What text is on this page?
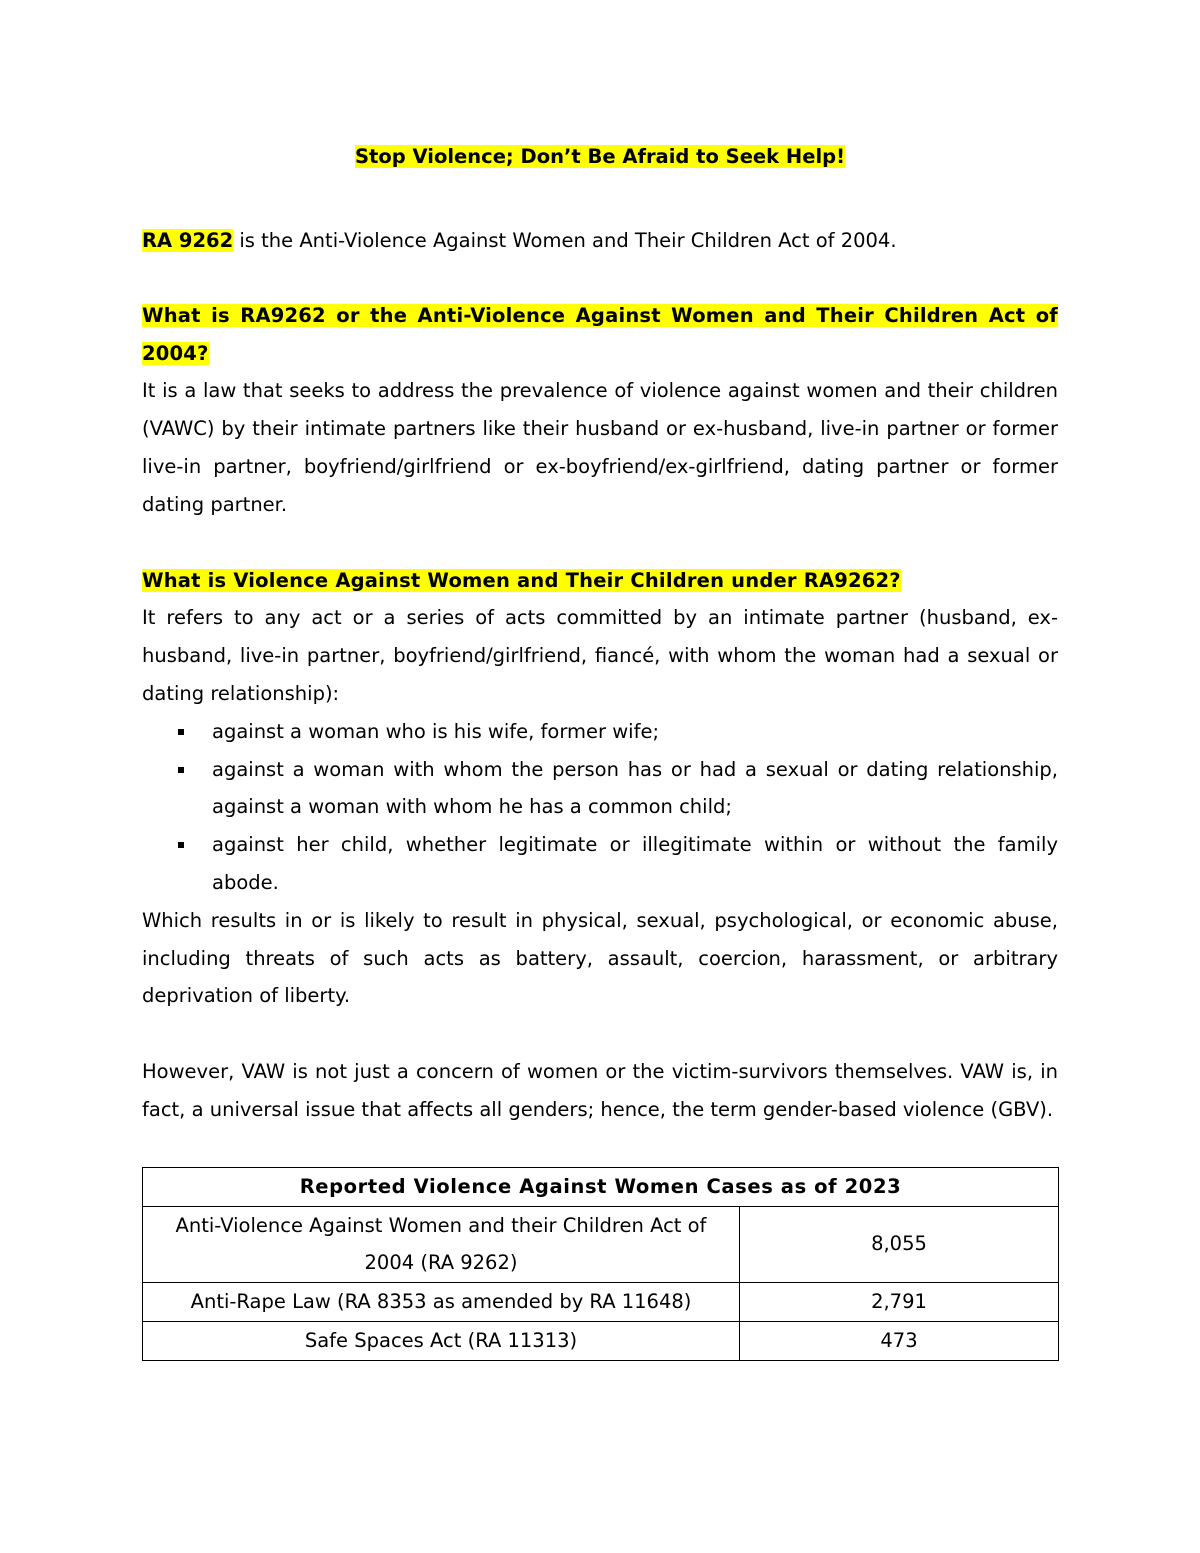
Stop Violence; Don’t Be Afraid to Seek Help!

RA 9262 is the Anti-Violence Against Women and Their Children Act of 2004.

What is RA9262 or the Anti-Violence Against Women and Their Children Act of 2004?

It is a law that seeks to address the prevalence of violence against women and their children (VAWC) by their intimate partners like their husband or ex-husband, live-in partner or former live-in partner, boyfriend/girlfriend or ex-boyfriend/ex-girlfriend, dating partner or former dating partner.

What is Violence Against Women and Their Children under RA9262?

It refers to any act or a series of acts committed by an intimate partner (husband, ex-husband, live-in partner, boyfriend/girlfriend, fiancé, with whom the woman had a sexual or dating relationship):

against a woman who is his wife, former wife;
against a woman with whom the person has or had a sexual or dating relationship, against a woman with whom he has a common child;
against her child, whether legitimate or illegitimate within or without the family abode.

Which results in or is likely to result in physical, sexual, psychological, or economic abuse, including threats of such acts as battery, assault, coercion, harassment, or arbitrary deprivation of liberty.

However, VAW is not just a concern of women or the victim-survivors themselves. VAW is, in fact, a universal issue that affects all genders; hence, the term gender-based violence (GBV).

Reported Violence Against Women Cases as of 2023	
Anti-Violence Against Women and their Children Act of 2004 (RA 9262)	8,055
Anti-Rape Law (RA 8353 as amended by RA 11648)	2,791
Safe Spaces Act (RA 11313)	473
